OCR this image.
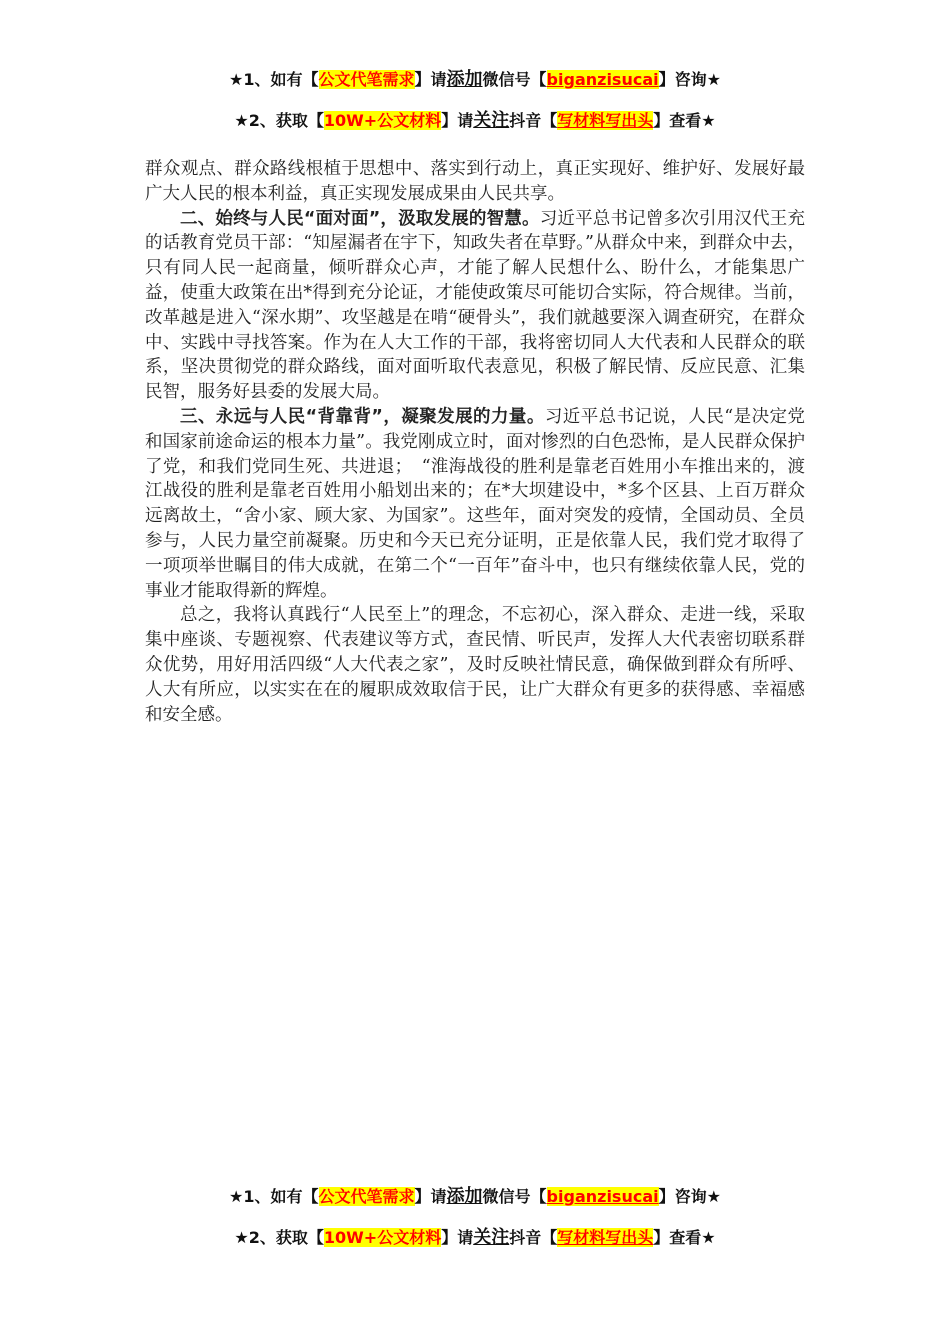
★1、如有【公文代笔需求】请添加微信号【biganzisucai】咨询★
★2、获取【10W+公文材料】请关注抖音【写材料写出头】查看★

群众观点、群众路线根植于思想中、落实到行动上，真正实现好、维护好、发展好最广大人民的根本利益，真正实现发展成果由人民共享。

二、始终与人民“面对面”，汲取发展的智慧。习近平总书记曾多次引用汉代王充的话教育党员干部：“知屋漏者在宇下，知政失者在草野。”从群众中来，到群众中去，只有同人民一起商量，倾听群众心声，才能了解人民想什么、盼什么，才能集思广益，使重大政策在出*得到充分论证，才能使政策尽可能切合实际，符合规律。当前，改革越是进入“深水期”、攻坚越是在啃“硬骨头”，我们就越要深入调查研究，在群众中、实践中寻找答案。作为在人大工作的干部，我将密切同人大代表和人民群众的联系，坚决贯彻党的群众路线，面对面听取代表意见，积极了解民情、反应民意、汇集民智，服务好县委的发展大局。

三、永远与人民“背靠背”，凝聚发展的力量。习近平总书记说，人民“是决定党和国家前途命运的根本力量”。我党刚成立时，面对惨烈的白色恐怖，是人民群众保护了党，和我们党同生死、共进退；　“淮海战役的胜利是靠老百姓用小车推出来的，渡江战役的胜利是靠老百姓用小船划出来的；在*大坝建设中，*多个区县、上百万群众远离故土，“舍小家、顾大家、为国家”。这些年，面对突发的疫情，全国动员、全员参与，人民力量空前凝聚。历史和今天已充分证明，正是依靠人民，我们党才取得了一项项举世瞩目的伟大成就，在第二个“一百年”奋斗中，也只有继续依靠人民，党的事业才能取得新的辉煌。

总之，我将认真践行“人民至上”的理念，不忘初心，深入群众、走进一线，采取集中座谈、专题视察、代表建议等方式，查民情、听民声，发挥人大代表密切联系群众优势，用好用活四级“人大代表之家”，及时反映社情民意，确保做到群众有所呼、人大有所应，以实实在在的履职成效取信于民，让广大群众有更多的获得感、幸福感和安全感。

★1、如有【公文代笔需求】请添加微信号【biganzisucai】咨询★
★2、获取【10W+公文材料】请关注抖音【写材料写出头】查看★
